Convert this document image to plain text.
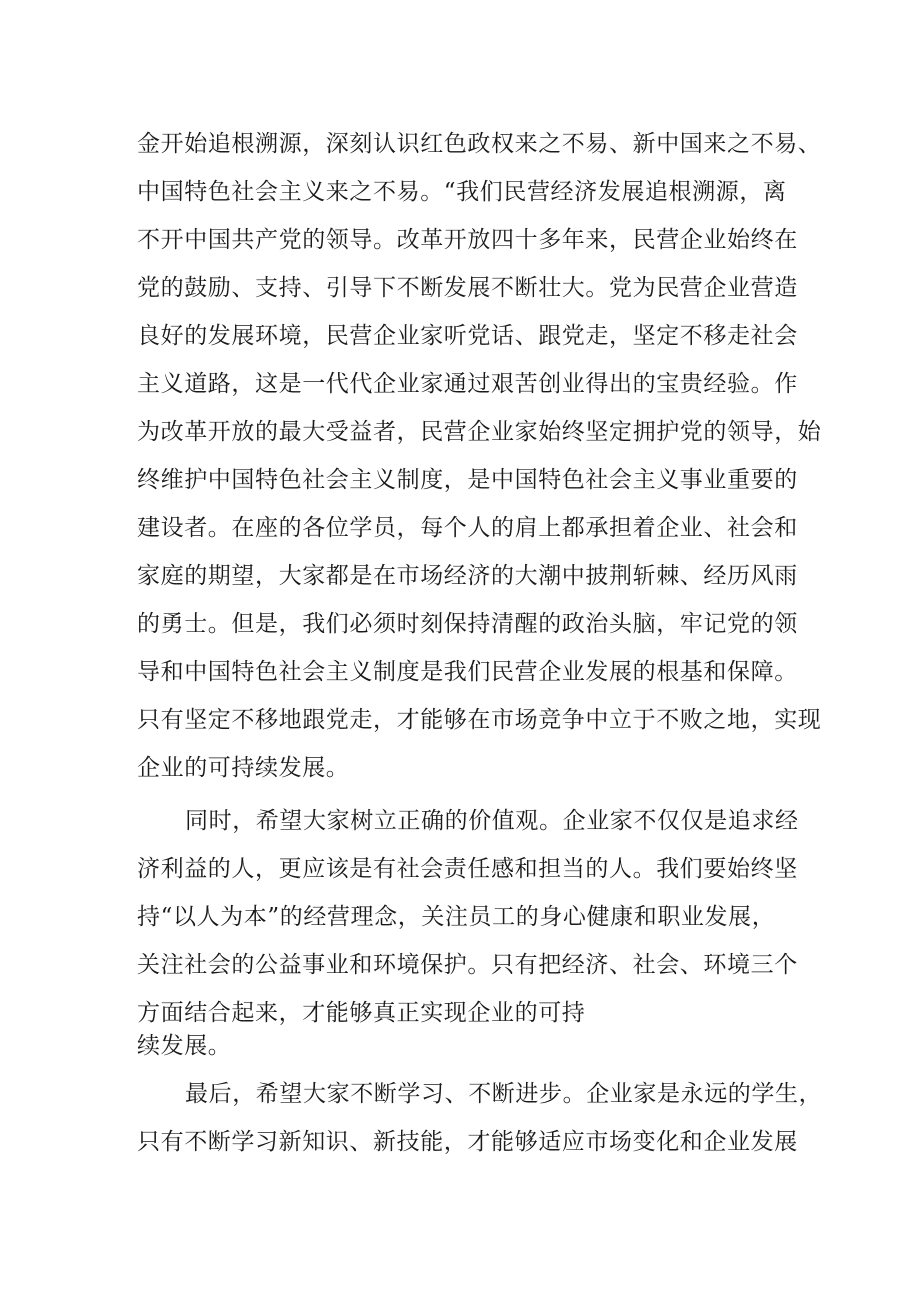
金开始追根溯源，深刻认识红色政权来之不易、新中国来之不易、
中国特色社会主义来之不易。“我们民营经济发展追根溯源，离
不开中国共产党的领导。改革开放四十多年来，民营企业始终在
党的鼓励、支持、引导下不断发展不断壮大。党为民营企业营造
良好的发展环境，民营企业家听党话、跟党走，坚定不移走社会
主义道路，这是一代代企业家通过艰苦创业得出的宝贵经验。作
为改革开放的最大受益者，民营企业家始终坚定拥护党的领导，始
终维护中国特色社会主义制度，是中国特色社会主义事业重要的
建设者。在座的各位学员，每个人的肩上都承担着企业、社会和
家庭的期望，大家都是在市场经济的大潮中披荆斩棘、经历风雨
的勇士。但是，我们必须时刻保持清醒的政治头脑，牢记党的领
导和中国特色社会主义制度是我们民营企业发展的根基和保障。
只有坚定不移地跟党走，才能够在市场竞争中立于不败之地，实现
企业的可持续发展。
同时，希望大家树立正确的价值观。企业家不仅仅是追求经
济利益的人，更应该是有社会责任感和担当的人。我们要始终坚
持“以人为本”的经营理念，关注员工的身心健康和职业发展，
关注社会的公益事业和环境保护。只有把经济、社会、环境三个
方面结合起来，才能够真正实现企业的可持
续发展。
最后，希望大家不断学习、不断进步。企业家是永远的学生，
只有不断学习新知识、新技能，才能够适应市场变化和企业发展
